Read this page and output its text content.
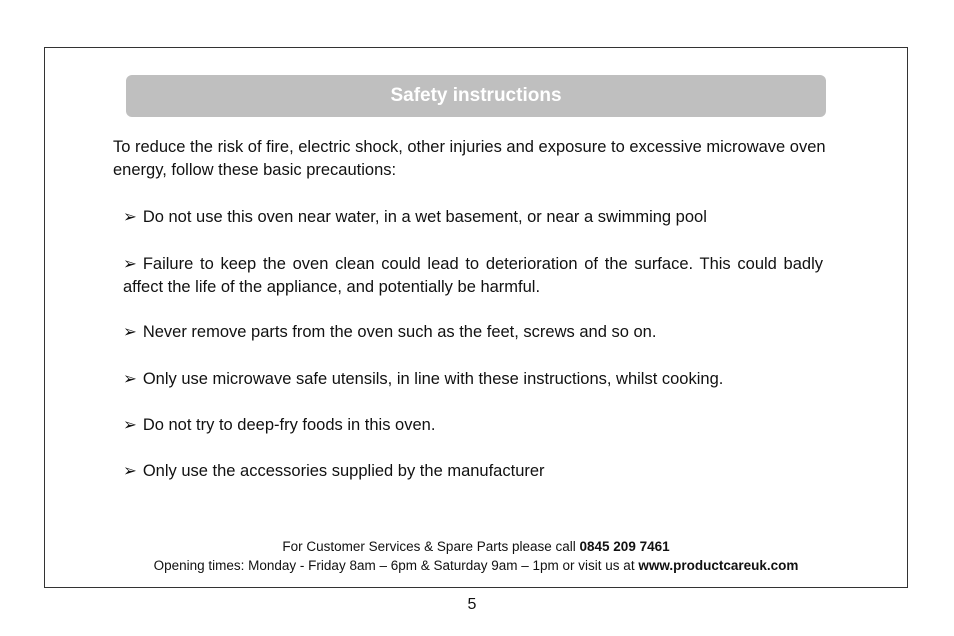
Safety instructions
To reduce the risk of fire, electric shock, other injuries and exposure to excessive microwave oven energy, follow these basic precautions:
➢ Do not use this oven near water, in a wet basement, or near a swimming pool
➢ Failure to keep the oven clean could lead to deterioration of the surface. This could badly affect the life of the appliance, and potentially be harmful.
➢ Never remove parts from the oven such as the feet, screws and so on.
➢ Only use microwave safe utensils, in line with these instructions, whilst cooking.
➢ Do not try to deep-fry foods in this oven.
➢ Only use the accessories supplied by the manufacturer
For Customer Services & Spare Parts please call 0845 209 7461
Opening times: Monday - Friday 8am – 6pm & Saturday 9am – 1pm or visit us at www.productcareuk.com
5
